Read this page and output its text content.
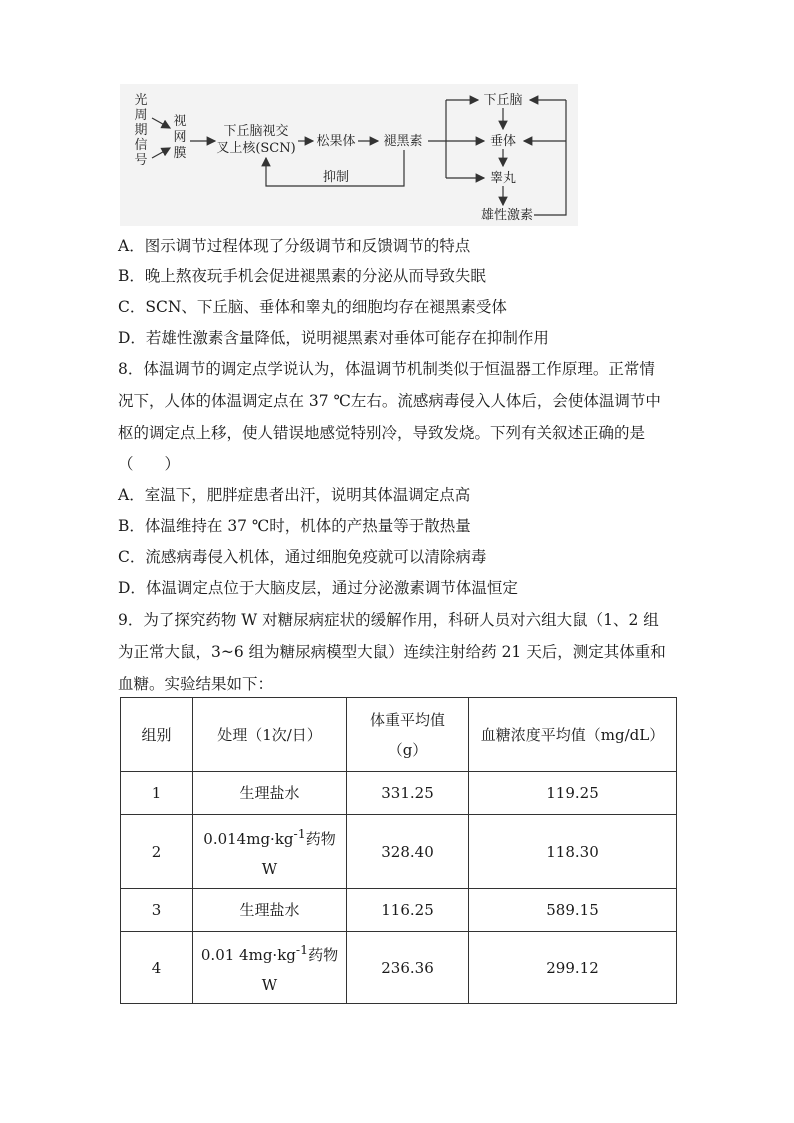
光
周
期
信
号
视
网
膜
下丘脑视交
叉上核(SCN) 松果体 褪黑素
抑制
下丘脑
垂体
睾丸
雄性激素
A．图示调节过程体现了分级调节和反馈调节的特点
B．晚上熬夜玩手机会促进褪黑素的分泌从而导致失眠
C．SCN、下丘脑、垂体和睾丸的细胞均存在褪黑素受体
D．若雄性激素含量降低，说明褪黑素对垂体可能存在抑制作用
8．体温调节的调定点学说认为，体温调节机制类似于恒温器工作原理。正常情
况下，人体的体温调定点在 37 ℃左右。流感病毒侵入人体后，会使体温调节中
枢的调定点上移，使人错误地感觉特别冷，导致发烧。下列有关叙述正确的是
（　　）
A．室温下，肥胖症患者出汗，说明其体温调定点高
B．体温维持在 37 ℃时，机体的产热量等于散热量
C．流感病毒侵入机体，通过细胞免疫就可以清除病毒
D．体温调定点位于大脑皮层，通过分泌激素调节体温恒定
9．为了探究药物 W 对糖尿病症状的缓解作用，科研人员对六组大鼠（1、2 组
为正常大鼠，3~6 组为糖尿病模型大鼠）连续注射给药 21 天后，测定其体重和
血糖。实验结果如下：
组别	处理（1次/日）	体重平均值
（g）	血糖浓度平均值（mg/dL）
1	生理盐水	331.25	119.25
2	$0.014mg\cdot kg^{-1}$药物
W	328.40	118.30
3	生理盐水	116.25	589.15
4	0.01 $4mg\cdot kg^{-1}$药物
W	236.36	299.12
